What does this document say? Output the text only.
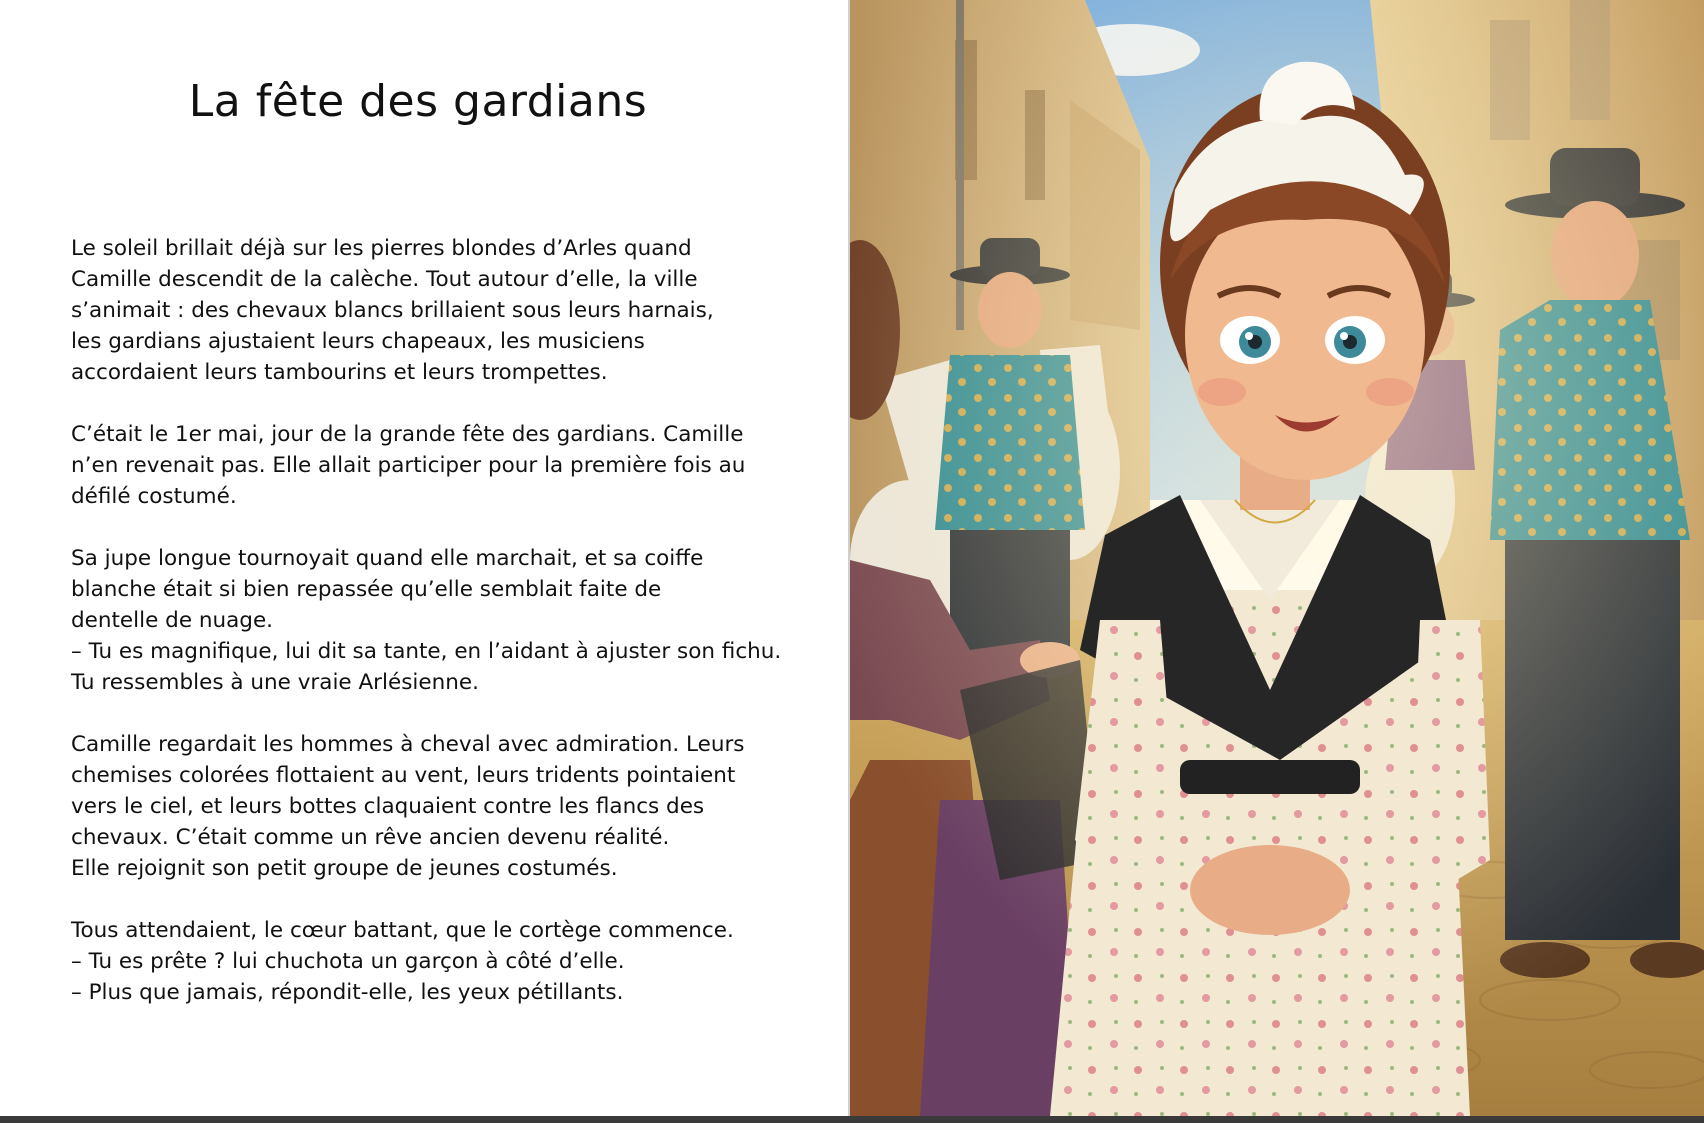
La fête des gardians
Le soleil brillait déjà sur les pierres blondes d’Arles quand
Camille descendit de la calèche. Tout autour d’elle, la ville
s’animait : des chevaux blancs brillaient sous leurs harnais,
les gardians ajustaient leurs chapeaux, les musiciens
accordaient leurs tambourins et leurs trompettes.
C’était le 1er mai, jour de la grande fête des gardians. Camille
n’en revenait pas. Elle allait participer pour la première fois au
défilé costumé.
Sa jupe longue tournoyait quand elle marchait, et sa coiffe
blanche était si bien repassée qu’elle semblait faite de
dentelle de nuage.
– Tu es magnifique, lui dit sa tante, en l’aidant à ajuster son fichu.
Tu ressembles à une vraie Arlésienne.
Camille regardait les hommes à cheval avec admiration. Leurs
chemises colorées flottaient au vent, leurs tridents pointaient
vers le ciel, et leurs bottes claquaient contre les flancs des
chevaux. C’était comme un rêve ancien devenu réalité.
Elle rejoignit son petit groupe de jeunes costumés.
Tous attendaient, le cœur battant, que le cortège commence.
– Tu es prête ? lui chuchota un garçon à côté d’elle.
– Plus que jamais, répondit-elle, les yeux pétillants.
